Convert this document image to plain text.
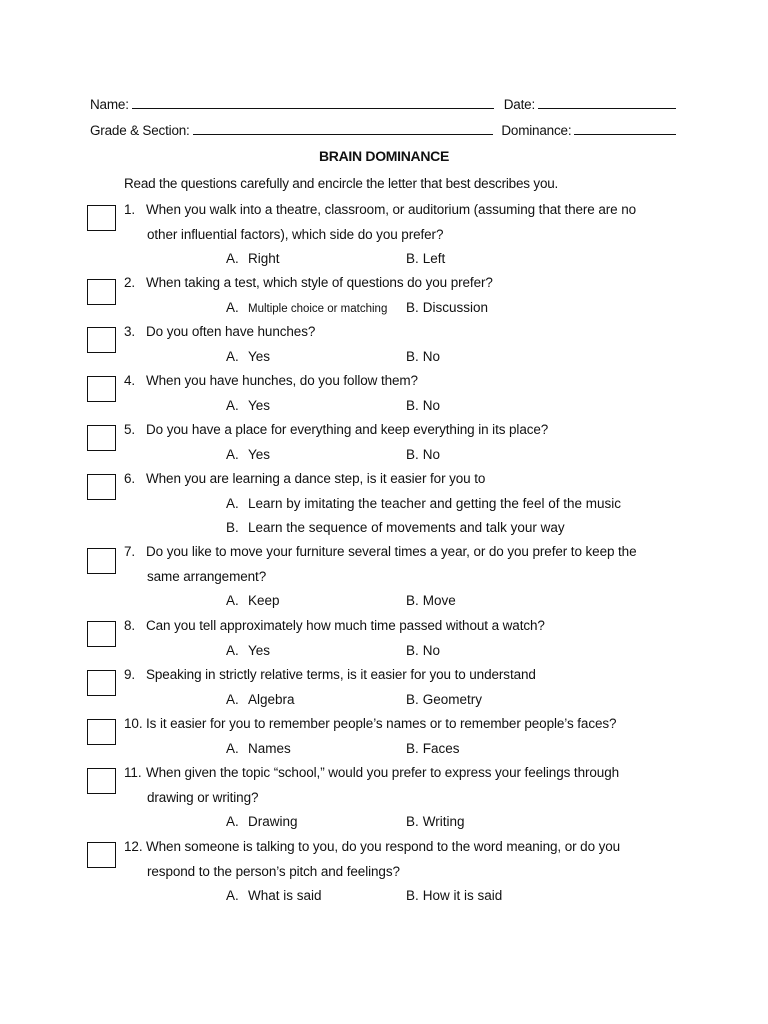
Name:	Date:
Grade & Section:	Dominance:
BRAIN DOMINANCE
Read the questions carefully and encircle the letter that best describes you.
1. When you walk into a theatre, classroom, or auditorium (assuming that there are no
other influential factors), which side do you prefer?
A. Right	B. Left
2. When taking a test, which style of questions do you prefer?
A. Multiple choice or matching B. Discussion
3. Do you often have hunches?
A. Yes	B. No
4. When you have hunches, do you follow them?
A. Yes	B. No
5. Do you have a place for everything and keep everything in its place?
A. Yes	B. No
6. When you are learning a dance step, is it easier for you to
A. Learn by imitating the teacher and getting the feel of the music
B. Learn the sequence of movements and talk your way
7. Do you like to move your furniture several times a year, or do you prefer to keep the
same arrangement?
A. Keep	B. Move
8. Can you tell approximately how much time passed without a watch?
A. Yes	B. No
9. Speaking in strictly relative terms, is it easier for you to understand
A. Algebra	B. Geometry
10. Is it easier for you to remember people’s names or to remember people’s faces?
A. Names	B. Faces
11. When given the topic “school,” would you prefer to express your feelings through
drawing or writing?
A. Drawing	B. Writing
12. When someone is talking to you, do you respond to the word meaning, or do you
respond to the person’s pitch and feelings?
A. What is said	B. How it is said
